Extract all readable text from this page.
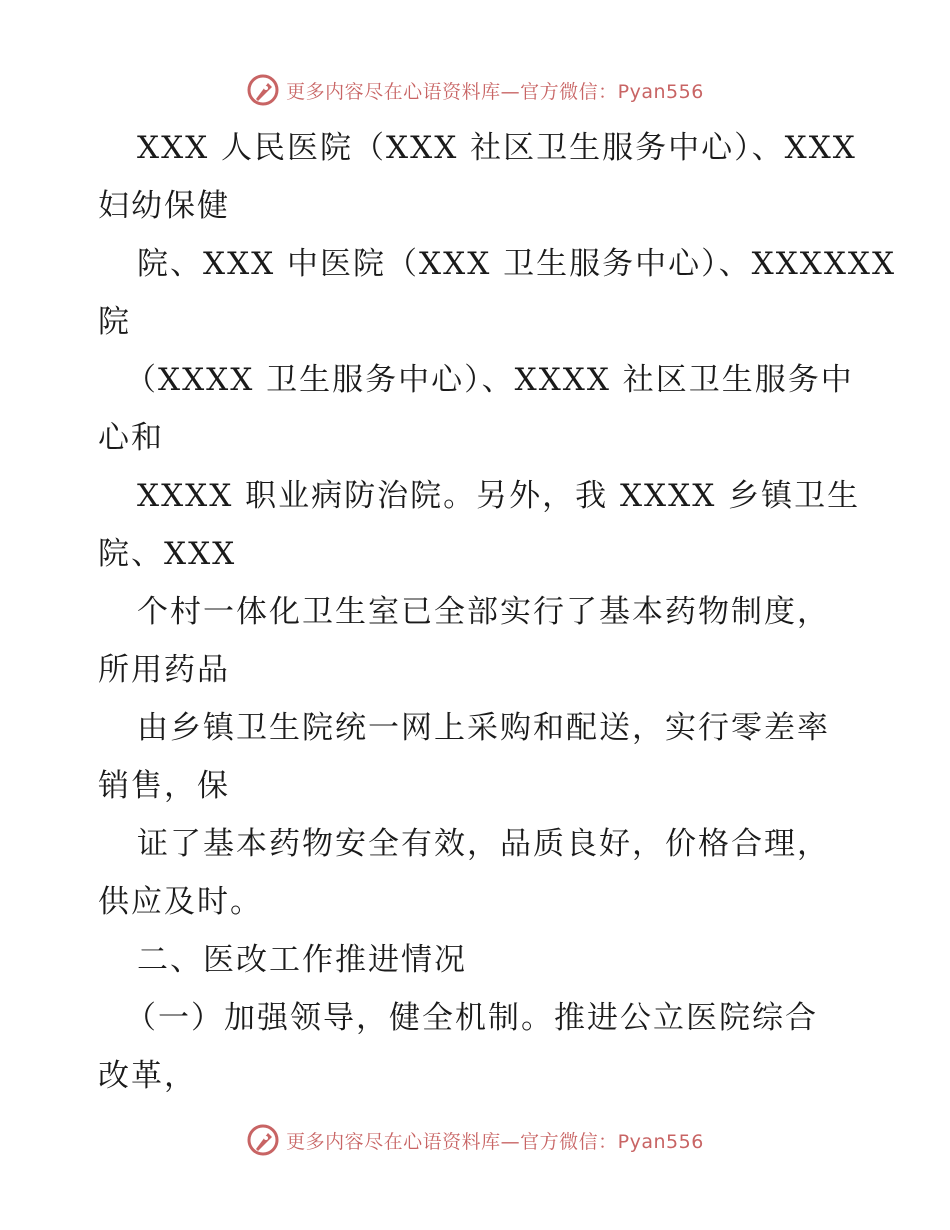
更多内容尽在心语资料库—官方微信：Pyan556
XXX 人民医院（XXX 社区卫生服务中心）、XXX
妇幼保健
院、XXX 中医院（XXX 卫生服务中心）、XXXXXX
院
（XXXX 卫生服务中心）、XXXX 社区卫生服务中
心和
XXXX 职业病防治院。另外，我 XXXX 乡镇卫生
院、XXX
个村一体化卫生室已全部实行了基本药物制度，
所用药品
由乡镇卫生院统一网上采购和配送，实行零差率
销售，保
证了基本药物安全有效，品质良好，价格合理，
供应及时。
二、医改工作推进情况
（一）加强领导，健全机制。推进公立医院综合
改革，
更多内容尽在心语资料库—官方微信：Pyan556
